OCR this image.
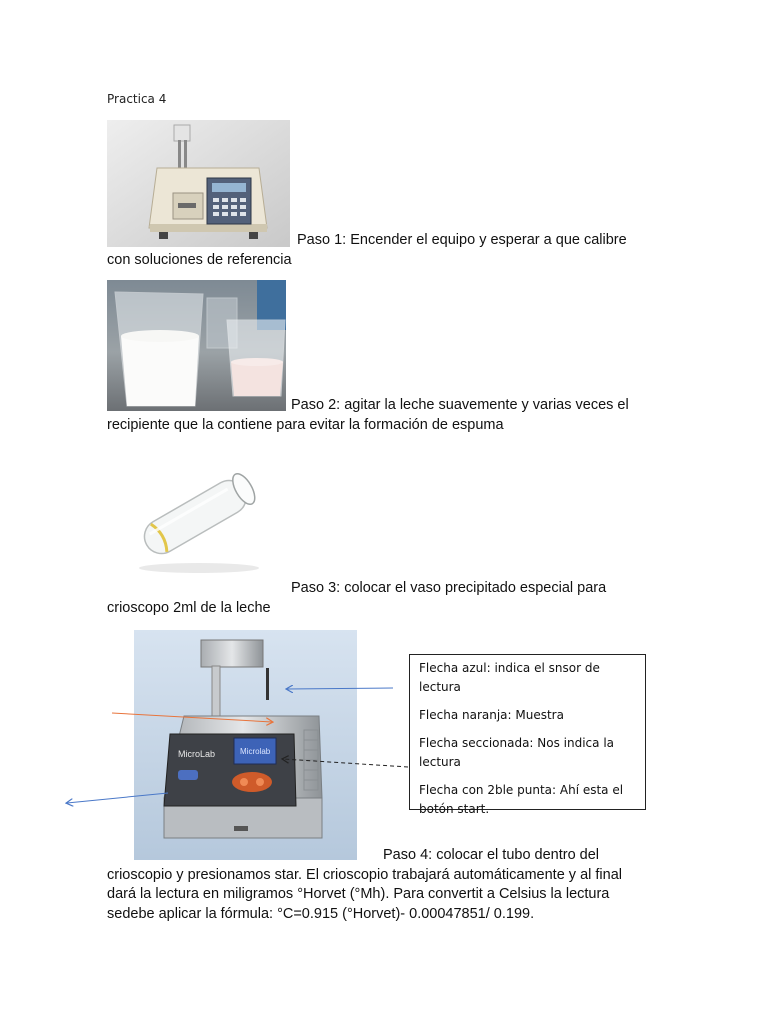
Practica 4
Paso 1: Encender el equipo y esperar a que calibre
con soluciones de referencia
Paso 2: agitar la leche suavemente y varias veces el
recipiente que la contiene para evitar la formación de espuma
Paso 3: colocar el vaso precipitado especial para
crioscopo 2ml de la leche
Microlab
MicroLab

Flecha azul: indica el snsor de lectura

Flecha naranja: Muestra

Flecha seccionada: Nos indica la lectura

Flecha con 2ble punta: Ahí esta el botón start.

Paso 4: colocar el tubo dentro del
crioscopio y presionamos star. El crioscopio trabajará automáticamente y al final
dará la lectura en miligramos °Horvet (°Mh). Para convertit a Celsius la lectura
sedebe aplicar la fórmula: °C=0.915 (°Horvet)- 0.00047851/ 0.199.
